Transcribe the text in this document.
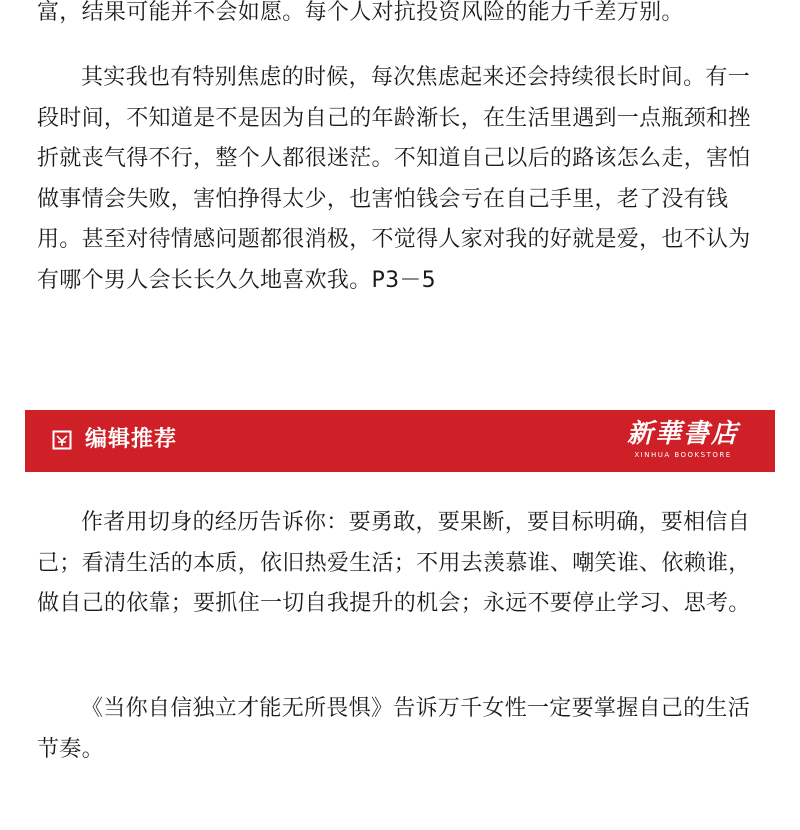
富，结果可能并不会如愿。每个人对抗投资风险的能力千差万别。

其实我也有特别焦虑的时候，每次焦虑起来还会持续很长时间。有一段时间，不知道是不是因为自己的年龄渐长，在生活里遇到一点瓶颈和挫折就丧气得不行，整个人都很迷茫。不知道自己以后的路该怎么走，害怕做事情会失败，害怕挣得太少，也害怕钱会亏在自己手里，老了没有钱用。甚至对待情感问题都很消极，不觉得人家对我的好就是爱，也不认为有哪个男人会长长久久地喜欢我。P3－5

编辑推荐	新華書店
XINHUA BOOKSTORE

作者用切身的经历告诉你：要勇敢，要果断，要目标明确，要相信自己；看清生活的本质，依旧热爱生活；不用去羡慕谁、嘲笑谁、依赖谁，做自己的依靠；要抓住一切自我提升的机会；永远不要停止学习、思考。

《当你自信独立才能无所畏惧》告诉万千女性一定要掌握自己的生活节奏。
